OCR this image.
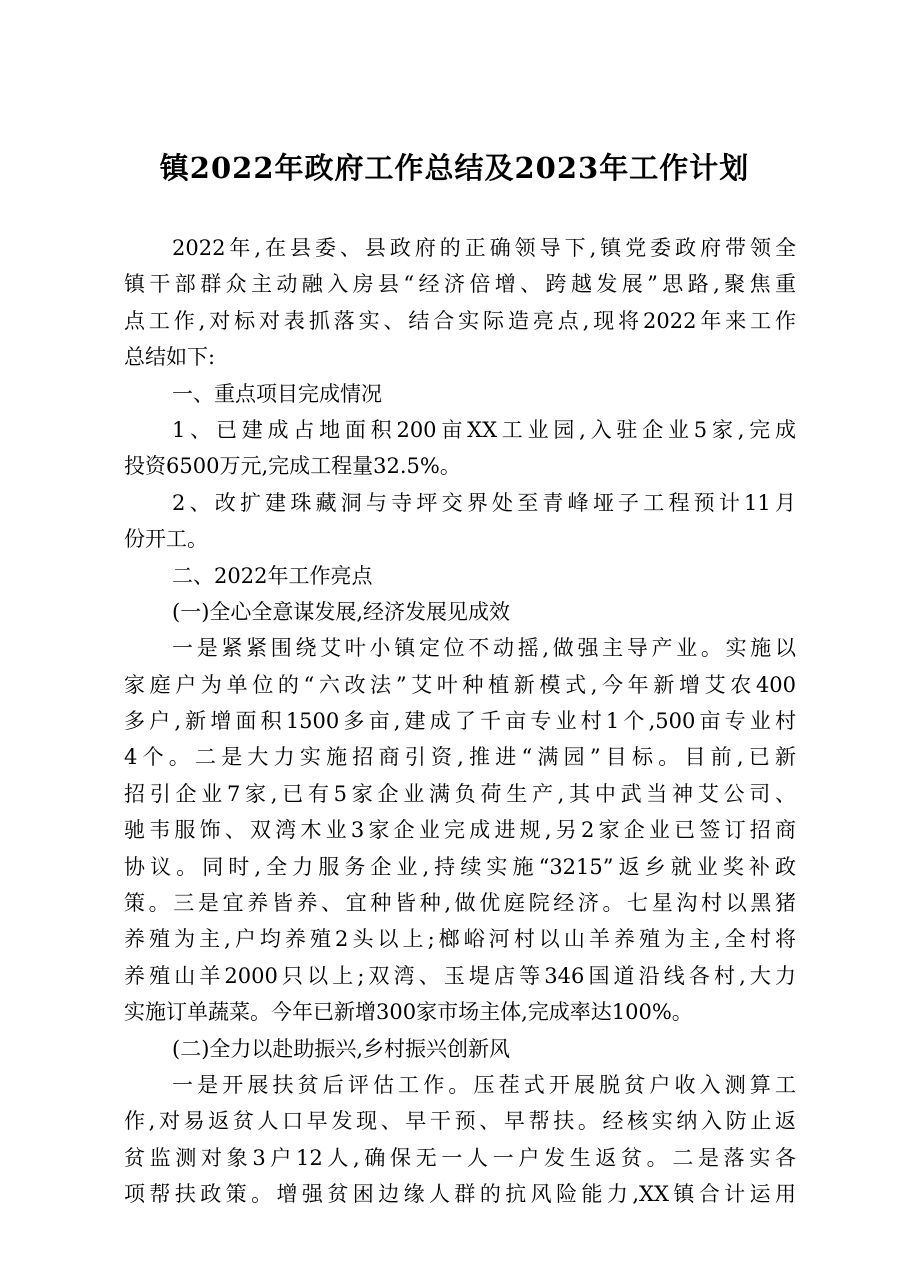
镇2022年政府工作总结及2023年工作计划
2022年,在县委、县政府的正确领导下,镇党委政府带领全
镇干部群众主动融入房县“经济倍增、跨越发展”思路,聚焦重
点工作,对标对表抓落实、结合实际造亮点,现将2022年来工作
总结如下:
一、重点项目完成情况
1、已建成占地面积200亩XX工业园,入驻企业5家,完成
投资6500万元,完成工程量32.5%。
2、改扩建珠藏洞与寺坪交界处至青峰垭子工程预计11月
份开工。
二、2022年工作亮点
(一)全心全意谋发展,经济发展见成效
一是紧紧围绕艾叶小镇定位不动摇,做强主导产业。实施以
家庭户为单位的“六改法”艾叶种植新模式,今年新增艾农400
多户,新增面积1500多亩,建成了千亩专业村1个,500亩专业村
4个。二是大力实施招商引资,推进“满园”目标。目前,已新
招引企业7家,已有5家企业满负荷生产,其中武当神艾公司、
驰韦服饰、双湾木业3家企业完成进规,另2家企业已签订招商
协议。同时,全力服务企业,持续实施“3215”返乡就业奖补政
策。三是宜养皆养、宜种皆种,做优庭院经济。七星沟村以黑猪
养殖为主,户均养殖2头以上;榔峪河村以山羊养殖为主,全村将
养殖山羊2000只以上;双湾、玉堤店等346国道沿线各村,大力
实施订单蔬菜。今年已新增300家市场主体,完成率达100%。
(二)全力以赴助振兴,乡村振兴创新风
一是开展扶贫后评估工作。压茬式开展脱贫户收入测算工
作,对易返贫人口早发现、早干预、早帮扶。经核实纳入防止返
贫监测对象3户12人,确保无一人一户发生返贫。二是落实各
项帮扶政策。增强贫困边缘人群的抗风险能力,XX镇合计运用
